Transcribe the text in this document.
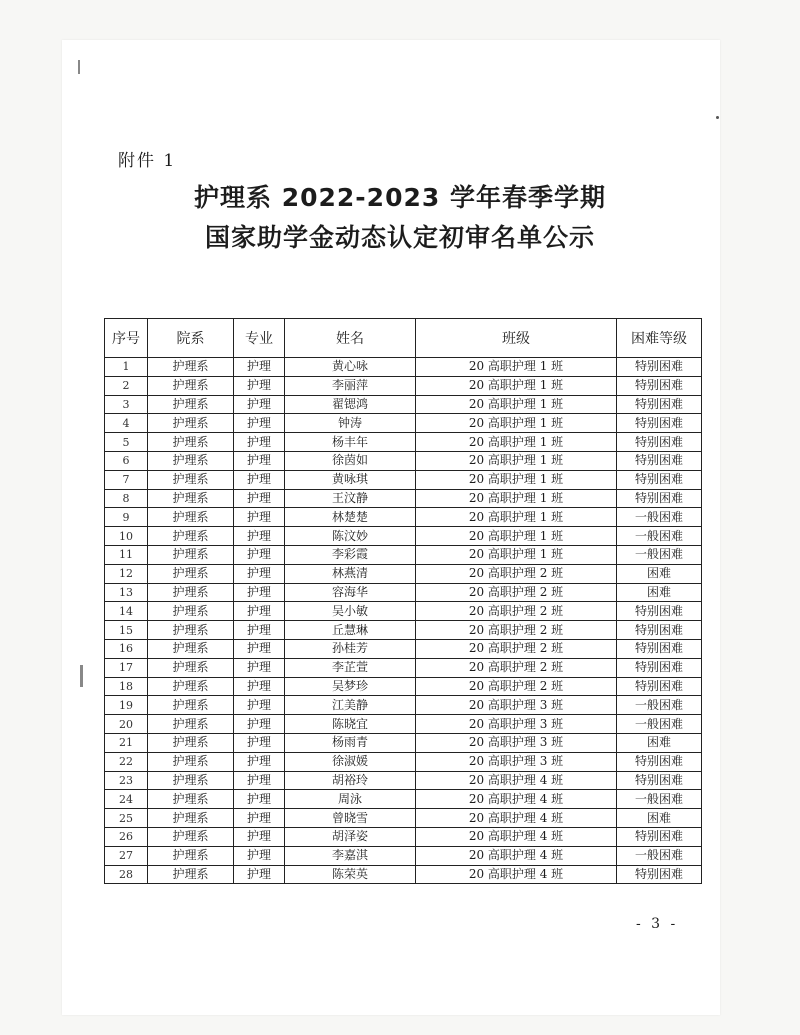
附件 1
护理系 2022-2023 学年春季学期
国家助学金动态认定初审名单公示
序号	院系	专业	姓名	班级	困难等级
1	护理系	护理	黄心咏	20 高职护理 1 班	特别困难
2	护理系	护理	李丽萍	20 高职护理 1 班	特别困难
3	护理系	护理	翟锶鸿	20 高职护理 1 班	特别困难
4	护理系	护理	钟涛	20 高职护理 1 班	特别困难
5	护理系	护理	杨丰年	20 高职护理 1 班	特别困难
6	护理系	护理	徐茵如	20 高职护理 1 班	特别困难
7	护理系	护理	黄咏琪	20 高职护理 1 班	特别困难
8	护理系	护理	王汶静	20 高职护理 1 班	特别困难
9	护理系	护理	林楚楚	20 高职护理 1 班	一般困难
10	护理系	护理	陈汶妙	20 高职护理 1 班	一般困难
11	护理系	护理	李彩霞	20 高职护理 1 班	一般困难
12	护理系	护理	林燕清	20 高职护理 2 班	困难
13	护理系	护理	容海华	20 高职护理 2 班	困难
14	护理系	护理	吴小敏	20 高职护理 2 班	特别困难
15	护理系	护理	丘慧琳	20 高职护理 2 班	特别困难
16	护理系	护理	孙桂芳	20 高职护理 2 班	特别困难
17	护理系	护理	李芷萱	20 高职护理 2 班	特别困难
18	护理系	护理	吴梦珍	20 高职护理 2 班	特别困难
19	护理系	护理	江美静	20 高职护理 3 班	一般困难
20	护理系	护理	陈晓宜	20 高职护理 3 班	一般困难
21	护理系	护理	杨雨青	20 高职护理 3 班	困难
22	护理系	护理	徐淑媛	20 高职护理 3 班	特别困难
23	护理系	护理	胡裕玲	20 高职护理 4 班	特别困难
24	护理系	护理	周泳	20 高职护理 4 班	一般困难
25	护理系	护理	曾晓雪	20 高职护理 4 班	困难
26	护理系	护理	胡泽姿	20 高职护理 4 班	特别困难
27	护理系	护理	李嘉淇	20 高职护理 4 班	一般困难
28	护理系	护理	陈荣英	20 高职护理 4 班	特别困难
- 3 -
